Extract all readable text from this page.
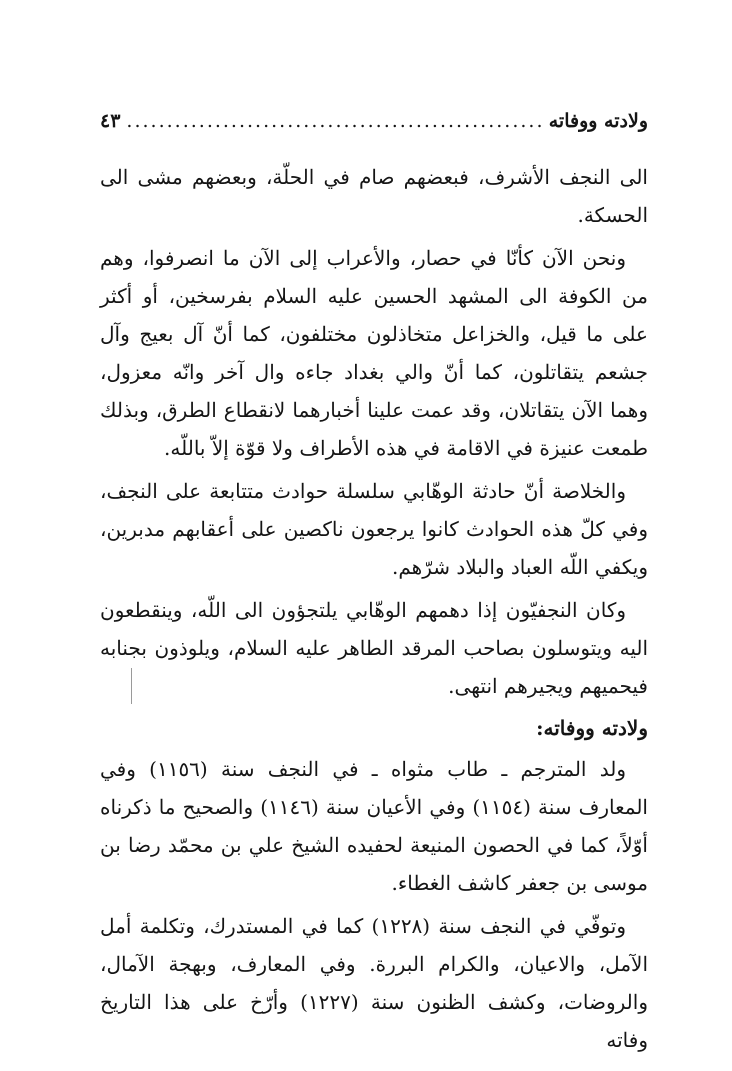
ولادته ووفاته
.....
٤٣

الى النجف الأشرف، فبعضهم صام في الحلّة، وبعضهم مشى الى الحسكة.

ونحن الآن كأنّا في حصار، والأعراب إلى الآن ما انصرفوا، وهم من الكوفة الى المشهد الحسين عليه السلام بفرسخين، أو أكثر على ما قيل، والخزاعل متخاذلون مختلفون، كما أنّ آل بعيج وآل جشعم يتقاتلون، كما أنّ والي بغداد جاءه وال آخر وانّه معزول، وهما الآن يتقاتلان، وقد عمت علينا أخبارهما لانقطاع الطرق، وبذلك طمعت عنيزة في الاقامة في هذه الأطراف ولا قوّة إلاّ باللّه.

والخلاصة أنّ حادثة الوهّابي سلسلة حوادث متتابعة على النجف، وفي كلّ هذه الحوادث كانوا يرجعون ناكصين على أعقابهم مدبرين، ويكفي اللّه العباد والبلاد شرّهم.

وكان النجفيّون إذا دهمهم الوهّابي يلتجؤون الى اللّه، وينقطعون اليه ويتوسلون بصاحب المرقد الطاهر عليه السلام، ويلوذون بجنابه فيحميهم ويجيرهم انتهى.

ولادته ووفاته:

ولد المترجم ـ طاب مثواه ـ في النجف سنة (١١٥٦) وفي المعارف سنة (١١٥٤) وفي الأعيان سنة (١١٤٦) والصحيح ما ذكرناه أوّلاً، كما في الحصون المنيعة لحفيده الشيخ علي بن محمّد رضا بن موسى بن جعفر كاشف الغطاء.

وتوفّي في النجف سنة (١٢٢٨) كما في المستدرك، وتكلمة أمل الآمل، والاعيان، والكرام البررة. وفي المعارف، وبهجة الآمال، والروضات، وكشف الظنون سنة (١٢٢٧) وأرّخ على هذا التاريخ وفاته
